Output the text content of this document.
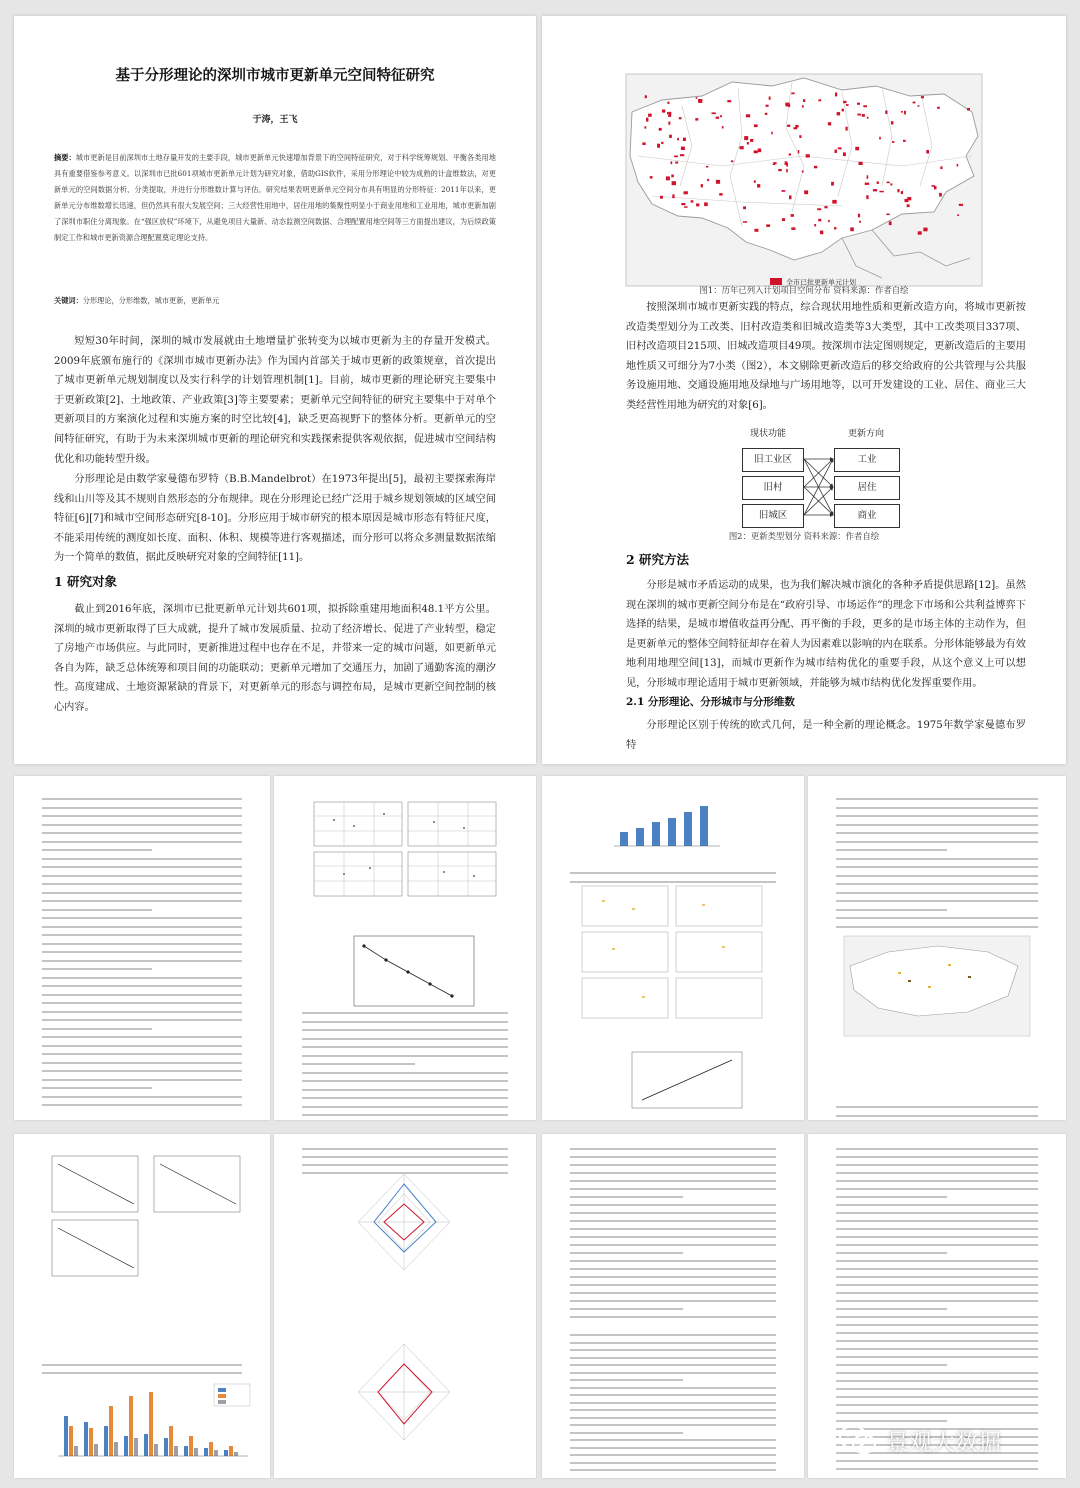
基于分形理论的深圳市城市更新单元空间特征研究
于涛，王飞
摘要：城市更新是目前深圳市土地存量开发的主要手段，城市更新单元快速增加背景下的空间特征研究，对于科学统筹规划、平衡各类用地具有重要借鉴参考意义。以深圳市已批601项城市更新单元计划为研究对象，借助GIS软件，采用分形理论中较为成熟的计盒维数法，对更新单元的空间数据分析、分类提取，并进行分形维数计算与评估。研究结果表明更新单元空间分布具有明显的分形特征：2011年以来，更新单元分布维数增长迅速，但仍然具有很大发展空间；三大经营性用地中，居住用地的集聚性明显小于商业用地和工业用地，城市更新加剧了深圳市职住分离现象。在“强区放权”环境下，从避免项目大量新、动态监测空间数据、合理配置用地空间等三方面提出建议，为后续政策制定工作和城市更新资源合理配置奠定理论支持。
关键词：分形理论，分形维数，城市更新，更新单元
短短30年时间，深圳的城市发展就由土地增量扩张转变为以城市更新为主的存量开发模式。2009年底颁布施行的《深圳市城市更新办法》作为国内首部关于城市更新的政策规章，首次提出了城市更新单元规划制度以及实行科学的计划管理机制[1]。目前，城市更新的理论研究主要集中于更新政策[2]、土地政策、产业政策[3]等主要要素；更新单元空间特征的研究主要集中于对单个更新项目的方案演化过程和实施方案的时空比较[4]，缺乏更高视野下的整体分析。更新单元的空间特征研究，有助于为未来深圳城市更新的理论研究和实践探索提供客观依据，促进城市空间结构优化和功能转型升级。
分形理论是由数学家曼德布罗特（B.B.Mandelbrot）在1973年提出[5]，最初主要探索海岸线和山川等及其不规则自然形态的分布规律。现在分形理论已经广泛用于城乡规划领域的区域空间特征[6][7]和城市空间形态研究[8-10]。分形应用于城市研究的根本原因是城市形态有特征尺度，不能采用传统的测度如长度、面积、体积、规模等进行客观描述，而分形可以将众多测量数据浓缩为一个简单的数值，据此反映研究对象的空间特征[11]。
1 研究对象
截止到2016年底，深圳市已批更新单元计划共601项，拟拆除重建用地面积48.1平方公里。深圳的城市更新取得了巨大成就，提升了城市发展质量、拉动了经济增长、促进了产业转型，稳定了房地产市场供应。与此同时，更新推进过程中也存在不足，并带来一定的城市问题，如更新单元各自为阵，缺乏总体统筹和项目间的功能联动；更新单元增加了交通压力，加剧了通勤客流的潮汐性。高度建成、土地资源紧缺的背景下，对更新单元的形态与调控布局，是城市更新空间控制的核心内容。
全市已批更新单元计划
图1：历年已列入计划项目空间分布 资料来源：作者自绘
按照深圳市城市更新实践的特点，综合现状用地性质和更新改造方向，将城市更新按改造类型划分为工改类、旧村改造类和旧城改造类等3大类型，其中工改类项目337项、旧村改造项目215项、旧城改造项目49项。按深圳市法定图则规定，更新改造后的主要用地性质又可细分为7小类（图2），本文剔除更新改造后的移交给政府的公共管理与公共服务设施用地、交通设施用地及绿地与广场用地等，以可开发建设的工业、居住、商业三大类经营性用地为研究的对象[6]。
现状功能	更新方向
旧工业区
旧村
旧城区
工业
居住
商业
图2：更新类型划分 资料来源：作者自绘
2 研究方法
分形是城市矛盾运动的成果，也为我们解决城市演化的各种矛盾提供思路[12]。虽然现在深圳的城市更新空间分布是在“政府引导、市场运作”的理念下市场和公共利益博弈下选择的结果，是城市增值收益再分配、再平衡的手段，更多的是市场主体的主动作为，但是更新单元的整体空间特征却存在着人为因素难以影响的内在联系。分形体能够最为有效地利用地理空间[13]，而城市更新作为城市结构优化的重要手段，从这个意义上可以想见，分形城市理论适用于城市更新领域，并能够为城市结构优化发挥重要作用。
2.1 分形理论、分形城市与分形维数
分形理论区别于传统的欧式几何，是一种全新的理论概念。1975年数学家曼德布罗特
景观大数据
